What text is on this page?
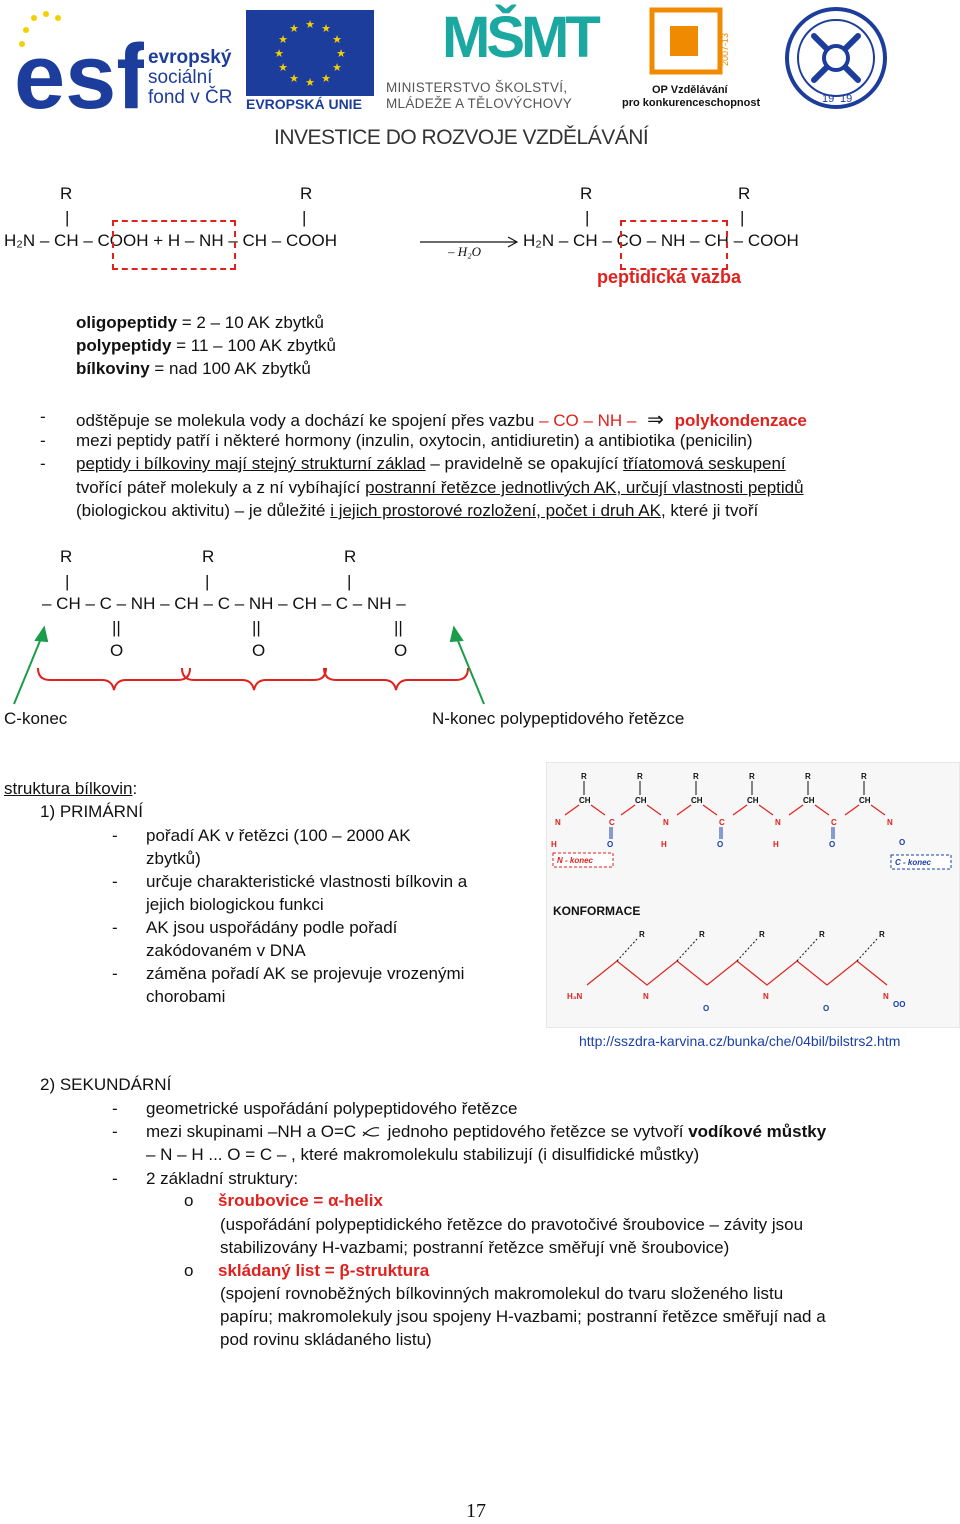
esf evropský
sociální
fond v ČR
★ ★
★
★
★
★
★
★
★
★
★
★
EVROPSKÁ UNIE
MŠMT
MINISTERSTVO ŠKOLSTVÍ,
MLÁDEŽE A TĚLOVÝCHOVY
2007-13
OP Vzdělávání
pro konkurenceschopnost	19 19
INVESTICE DO ROZVOJE VZDĚLÁVÁNÍ
R	R	R	R
|	|	|	|
H₂N – CH – COOH + H – NH – CH – COOH
– H₂O
H₂N – CH – CO – NH – CH – COOH
peptidická vazba
oligopeptidy = 2 – 10 AK zbytků
polypeptidy = 11 – 100 AK zbytků
bílkoviny = nad 100 AK zbytků
- odštěpuje se molekula vody a dochází ke spojení přes vazbu – CO – NH – ⇒ polykondenzace
- mezi peptidy patří i některé hormony (inzulin, oxytocin, antidiuretin) a antibiotika (penicilin)
- peptidy i bílkoviny mají stejný strukturní základ – pravidelně se opakující tříatomová seskupení
tvořící páteř molekuly a z ní vybíhající postranní řetězce jednotlivých AK, určují vlastnosti peptidů
(biologickou aktivitu) – je důležité i jejich prostorové rozložení, počet i druh AK, které ji tvoří
R	R	R
|	|	|
– CH – C – NH – CH – C – NH – CH – C – NH –
||	||	||
O	O	O
C-konec	N-konec polypeptidového řetězce
struktura bílkovin:
1) PRIMÁRNÍ
- pořadí AK v řetězci (100 – 2000 AK
zbytků)
- určuje charakteristické vlastnosti bílkovin a
jejich biologickou funkci
- AK jsou uspořádány podle pořadí
zakódovaném v DNA
- záměna pořadí AK se projevuje vrozenými
chorobami
R	R	R	R	R	R
CH	CH	CH	CH	CH	CH
N	C	N	C	N	C	N
O	O	O	O
H	H
H
N - konec	C - konec
KONFORMACE
R	R	R	R	R
H₃N	N	N	N
O	O	OO
http://sszdra-karvina.cz/bunka/che/04bil/bilstrs2.htm
2) SEKUNDÁRNÍ
- geometrické uspořádání polypeptidového řetězce
- mezi skupinami –NH a O=C  jednoho peptidového řetězce se vytvoří vodíkové můstky
– N – H ... O = C – , které makromolekulu stabilizují (i disulfidické můstky)
- 2 základní struktury:
o šroubovice = α-helix
(uspořádání polypeptidického řetězce do pravotočivé šroubovice – závity jsou
stabilizovány H-vazbami; postranní řetězce směřují vně šroubovice)
o skládaný list = β-struktura
(spojení rovnoběžných bílkovinných makromolekul do tvaru složeného listu
papíru; makromolekuly jsou spojeny H-vazbami; postranní řetězce směřují nad a
pod rovinu skládaného listu)
17
